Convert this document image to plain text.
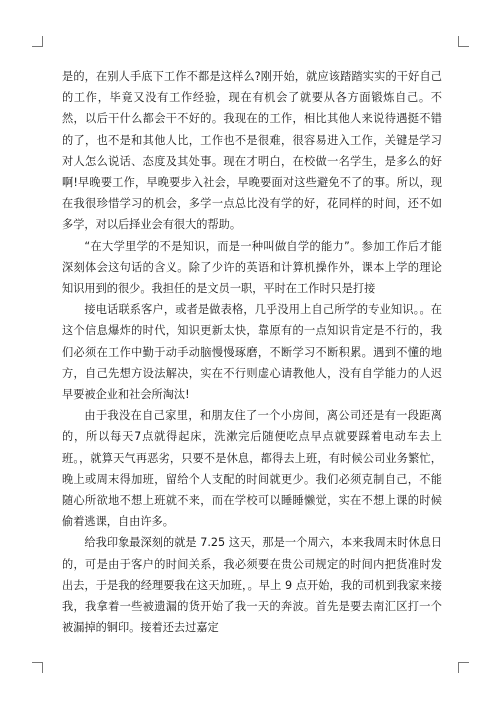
是的，在别人手底下工作不都是这样么?刚开始，就应该踏踏实实的干好自己的工作，毕竟又没有工作经验，现在有机会了就要从各方面锻炼自己。不然，以后干什么都会干不好的。我现在的工作，相比其他人来说待遇挺不错的了，也不是和其他人比，工作也不是很难，很容易进入工作，关键是学习对人怎么说话、态度及其处事。现在才明白，在校做一名学生，是多么的好啊!早晚要工作，早晚要步入社会，早晚要面对这些避免不了的事。所以，现在我很珍惜学习的机会，多学一点总比没有学的好，花同样的时间，还不如多学，对以后择业会有很大的帮助。

“在大学里学的不是知识，而是一种叫做自学的能力”。参加工作后才能深刻体会这句话的含义。除了少许的英语和计算机操作外，课本上学的理论知识用到的很少。我担任的是文员一职，平时在工作时只是打接

接电话联系客户，或者是做表格，几乎没用上自己所学的专业知识。。在这个信息爆炸的时代，知识更新太快，靠原有的一点知识肯定是不行的，我们必须在工作中勤于动手动脑慢慢琢磨，不断学习不断积累。遇到不懂的地方，自己先想方设法解决，实在不行则虚心请教他人，没有自学能力的人迟早要被企业和社会所淘汰!

由于我没在自己家里，和朋友住了一个小房间，离公司还是有一段距离的，所以每天7点就得起床，洗漱完后随便吃点早点就要踩着电动车去上班。，就算天气再恶劣，只要不是休息，都得去上班，有时候公司业务繁忙，晚上或周末得加班，留给个人支配的时间就更少。我们必须克制自己，不能随心所欲地不想上班就不来，而在学校可以睡睡懒觉，实在不想上课的时候偷着逃课，自由许多。

给我印象最深刻的就是 7.25 这天，那是一个周六，本来我周末时休息日的，可是由于客户的时间关系，我必须要在贵公司规定的时间内把货准时发出去，于是我的经理要我在这天加班，。早上 9 点开始，我的司机到我家来接我，我拿着一些被遗漏的货开始了我一天的奔波。首先是要去南汇区打一个被漏掉的铜印。接着还去过嘉定
